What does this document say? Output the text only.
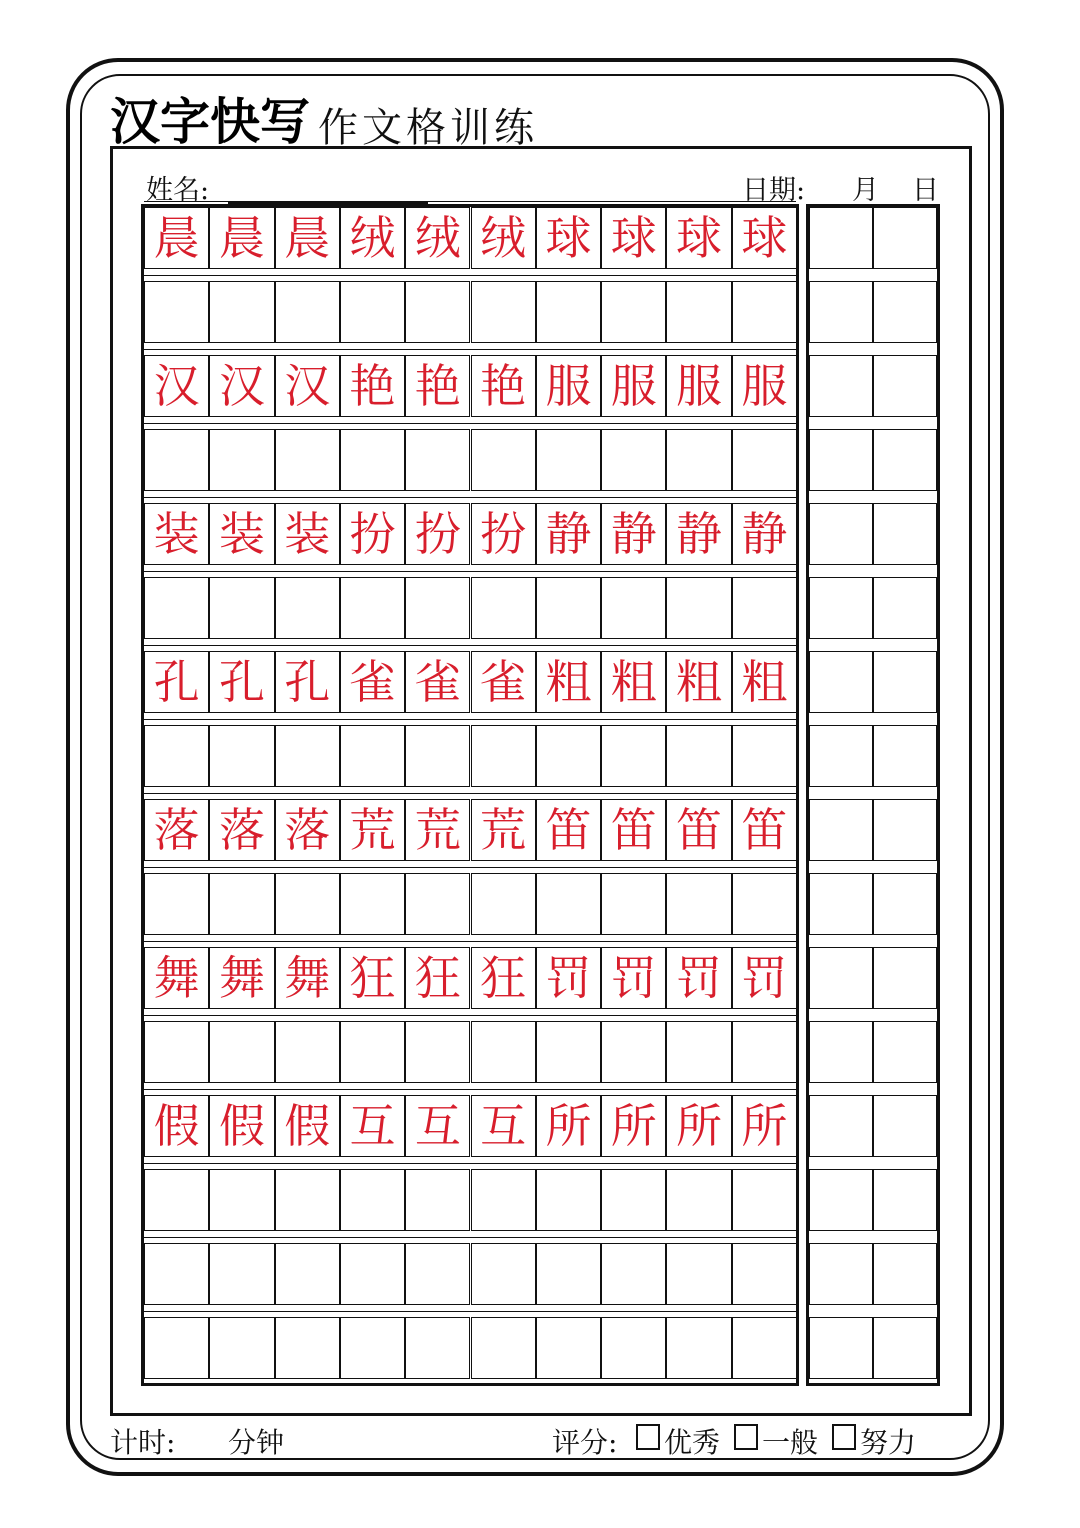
汉字快写 作文格训练
姓名:	日期: 月 日
晨 晨 晨 绒 绒 绒 球 球 球 球
汉 汉 汉 艳 艳 艳 服 服 服 服
装 装 装 扮 扮 扮 静 静 静 静
孔 孔 孔 雀 雀 雀 粗 粗 粗 粗
落 落 落 荒 荒 荒 笛 笛 笛 笛
舞 舞 舞 狂 狂 狂 罚 罚 罚 罚
假 假 假 互 互 互 所 所 所 所
计时: 分钟	评分: 优秀 一般 努力
